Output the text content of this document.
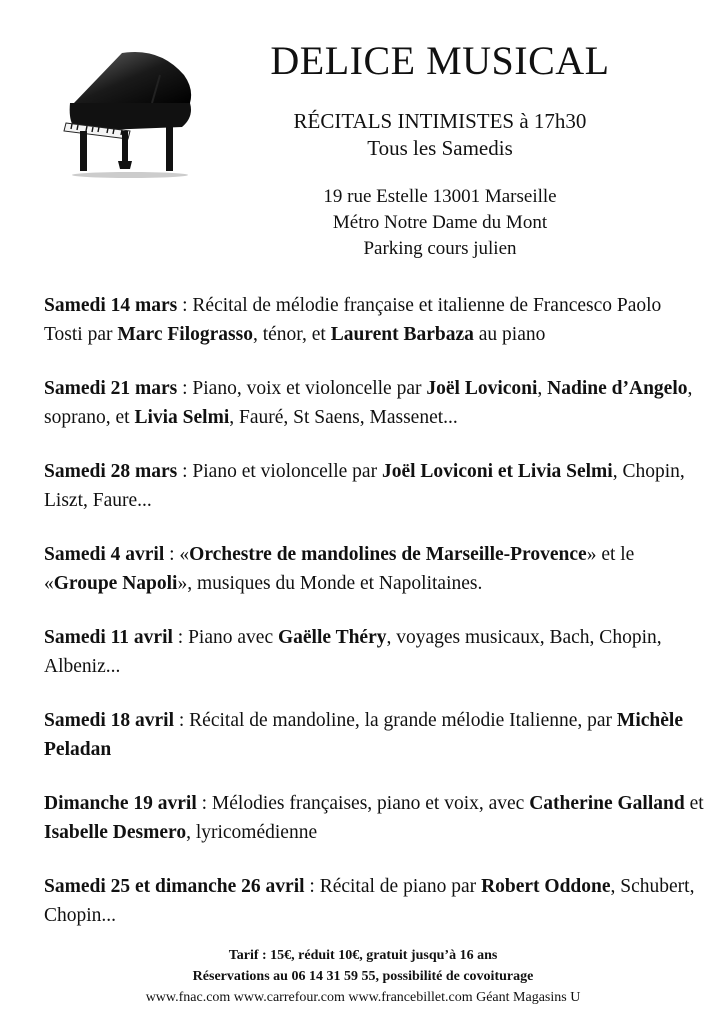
DELICE MUSICAL
RÉCITALS INTIMISTES à 17h30
Tous les Samedis
19 rue Estelle 13001 Marseille
Métro Notre Dame du Mont
Parking cours julien

Samedi 14 mars : Récital de mélodie française et italienne de Francesco Paolo Tosti par Marc Filograsso, ténor, et Laurent Barbaza au piano

Samedi 21 mars : Piano, voix et violoncelle par Joël Loviconi, Nadine d’Angelo, soprano, et Livia Selmi, Fauré, St Saens, Massenet...

Samedi 28 mars : Piano et violoncelle par Joël Loviconi et Livia Selmi, Chopin, Liszt, Faure...

Samedi 4 avril : «Orchestre de mandolines de Marseille-Provence» et le «Groupe Napoli», musiques du Monde et Napolitaines.

Samedi 11 avril : Piano avec Gaëlle Théry, voyages musicaux, Bach, Chopin, Albeniz...

Samedi 18 avril : Récital de mandoline, la grande mélodie Italienne, par Michèle Peladan

Dimanche 19 avril : Mélodies françaises, piano et voix, avec Catherine Galland et Isabelle Desmero, lyricomédienne

Samedi 25 et dimanche 26 avril : Récital de piano par Robert Oddone, Schubert, Chopin...

Tarif : 15€, réduit 10€, gratuit jusqu’à 16 ans
Réservations au 06 14 31 59 55, possibilité de covoiturage
www.fnac.com www.carrefour.com www.francebillet.com Géant Magasins U
